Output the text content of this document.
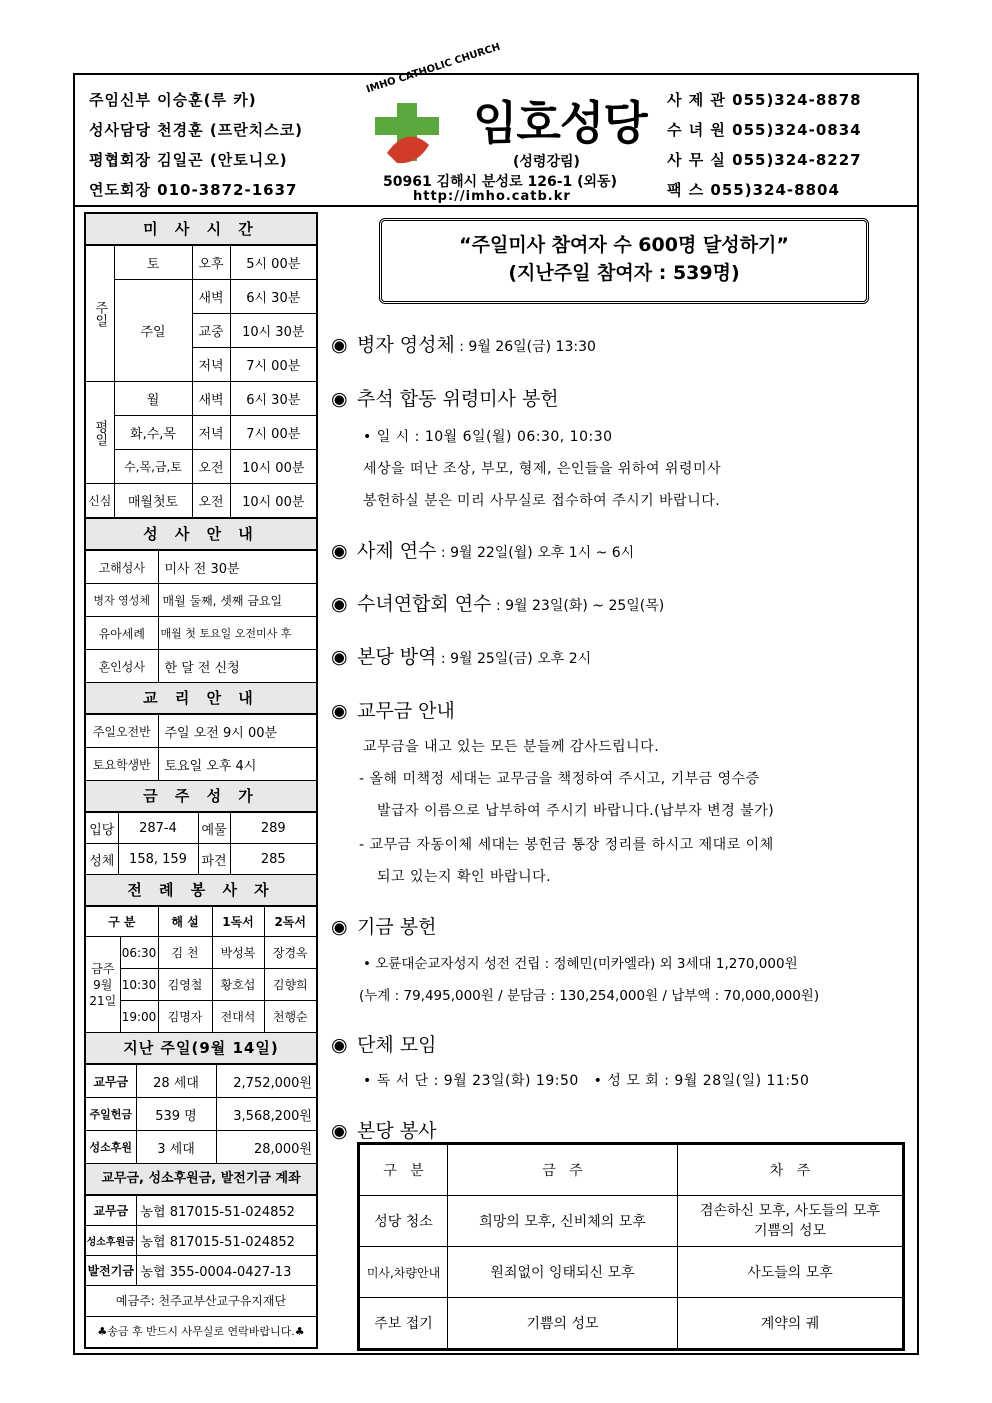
주임신부 이승훈(루 카)
성사담당 천경훈 (프란치스코)
평협회장 김일곤 (안토니오)
연도회장 010-3872-1637
IMHO CATHOLIC CHURCH
임호성당
(성령강림)
50961 김해시 분성로 126-1 (외동)
http://imho.catb.kr
사 제 관 055)324-8878
수 녀 원 055)324-0834
사 무 실 055)324-8227
팩 스 055)324-8804
미 사 시 간
주일	토	오후	5시 00분
	주일	새벽	6시 30분
		교중	10시 30분
		저녁	7시 00분
평일	월	새벽	6시 30분
	화,수,목	저녁	7시 00분
	수,목,금,토	오전	10시 00분
신심	매월첫토	오전	10시 00분
성 사 안 내
고해성사	미사 전 30분
병자 영성체	매월 둘째, 셋째 금요일
유아세례	매월 첫 토요일 오전미사 후
혼인성사	한 달 전 신청
교 리 안 내
주일오전반	주일 오전 9시 00분
토요학생반	토요일 오후 4시
금 주 성 가
입당	287-4	예물	289
성체	158, 159	파견	285
전 례 봉 사 자
구 분		해 설	1독서	2독서
금주 9월 21일	06:30	김 천	박성복	장경옥
	10:30	김영철	황호섭	김향희
	19:00	김명자	전대석	천행순
지난 주일(9월 14일)
교무금	28 세대	2,752,000원
주일헌금	539 명	3,568,200원
성소후원	3 세대	28,000원
교무금, 성소후원금, 발전기금 계좌
교무금	농협 817015-51-024852
성소후원금	농협 817015-51-024852
발전기금	농협 355-0004-0427-13
예금주: 천주교부산교구유지재단
♣송금 후 반드시 사무실로 연락바랍니다.♣
“주일미사 참여자 수 600명 달성하기”
(지난주일 참여자 : 539명)
◉ 병자 영성체 : 9월 26일(금) 13:30
◉ 추석 합동 위령미사 봉헌
• 일 시 : 10월 6일(월) 06:30, 10:30
세상을 떠난 조상, 부모, 형제, 은인들을 위하여 위령미사
봉헌하실 분은 미리 사무실로 접수하여 주시기 바랍니다.
◉ 사제 연수 : 9월 22일(월) 오후 1시 ~ 6시
◉ 수녀연합회 연수 : 9월 23일(화) ~ 25일(목)
◉ 본당 방역 : 9월 25일(금) 오후 2시
◉ 교무금 안내
교무금을 내고 있는 모든 분들께 감사드립니다.
- 올해 미책정 세대는 교무금을 책정하여 주시고, 기부금 영수증
발급자 이름으로 납부하여 주시기 바랍니다.(납부자 변경 불가)
- 교무금 자동이체 세대는 봉헌금 통장 정리를 하시고 제대로 이체
되고 있는지 확인 바랍니다.
◉ 기금 봉헌
• 오륜대순교자성지 성전 건립 : 정혜민(미카엘라) 외 3세대 1,270,000원
(누계 : 79,495,000원 / 분담금 : 130,254,000원 / 납부액 : 70,000,000원)
◉ 단체 모임
• 독 서 단 : 9월 23일(화) 19:50   • 성 모 회 : 9월 28일(일) 11:50
◉ 본당 봉사
구   분	금   주	차   주
성당 청소	희망의 모후, 신비체의 모후	겸손하신 모후, 사도들의 모후
기쁨의 성모

미사,차량안내	원죄없이 잉태되신 모후	사도들의 모후
주보 접기	기쁨의 성모	계약의 궤
